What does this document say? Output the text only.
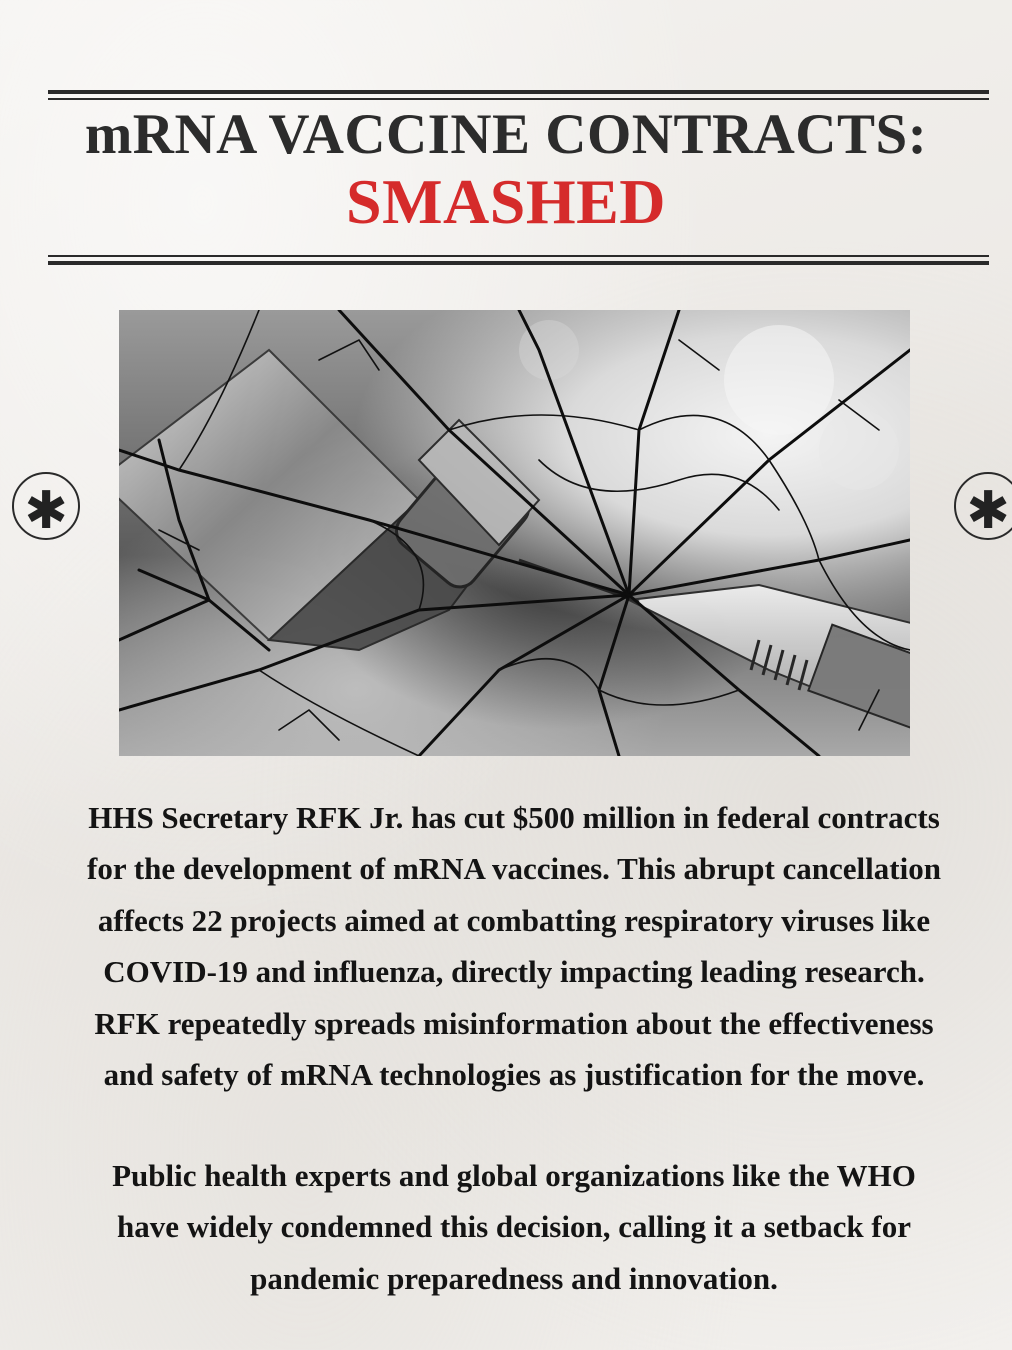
mRNA VACCINE CONTRACTS:
SMASHED
✱	✱

HHS Secretary RFK Jr. has cut $500 million in federal contracts
for the development of mRNA vaccines. This abrupt cancellation
affects 22 projects aimed at combatting respiratory viruses like
COVID-19 and influenza, directly impacting leading research.
RFK repeatedly spreads misinformation about the effectiveness
and safety of mRNA technologies as justification for the move.

Public health experts and global organizations like the WHO
have widely condemned this decision, calling it a setback for
pandemic preparedness and innovation.
